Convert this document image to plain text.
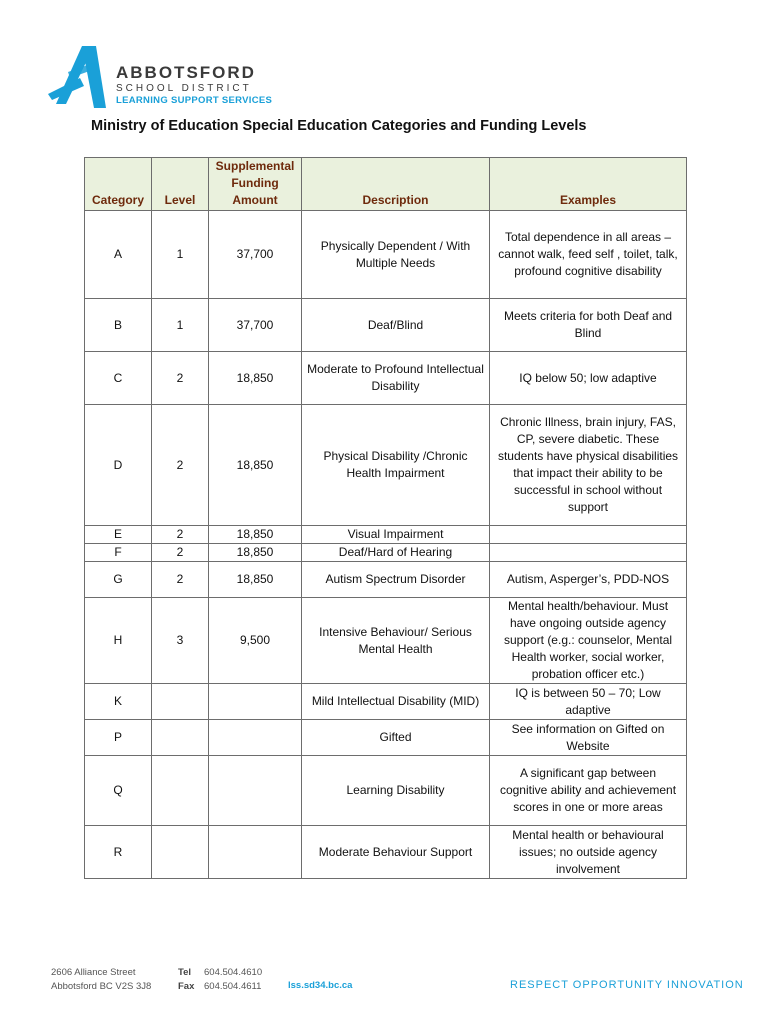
ABBOTSFORD
SCHOOL DISTRICT
LEARNING SUPPORT SERVICES
Ministry of Education Special Education Categories and Funding Levels
Category	Level	Supplemental Funding Amount	Description	Examples
A	1	37,700	Physically Dependent / With Multiple Needs	Total dependence in all areas – cannot walk, feed self , toilet, talk, profound cognitive disability
B	1	37,700	Deaf/Blind	Meets criteria for both Deaf and Blind
C	2	18,850	Moderate to Profound Intellectual Disability	IQ below 50; low adaptive
D	2	18,850	Physical Disability /Chronic Health Impairment	Chronic Illness, brain injury, FAS, CP, severe diabetic. These students have physical disabilities that impact their ability to be successful in school without support
E	2	18,850	Visual Impairment	
F	2	18,850	Deaf/Hard of Hearing	
G	2	18,850	Autism Spectrum Disorder	Autism, Asperger’s, PDD-NOS
H	3	9,500	Intensive Behaviour/ Serious Mental Health	Mental health/behaviour. Must have ongoing outside agency support (e.g.: counselor, Mental Health worker, social worker, probation officer etc.)
K			Mild Intellectual Disability (MID)	IQ is between 50 – 70; Low adaptive
P			Gifted	See information on Gifted on Website
Q			Learning Disability	A significant gap between cognitive ability and achievement scores in one or more areas
R			Moderate Behaviour Support	Mental health or behavioural issues; no outside agency involvement
2606 Alliance Street
Abbotsford BC V2S 3J8
Tel 604.504.4610
Fax 604.504.4611	lss.sd34.bc.ca	RESPECT OPPORTUNITY INNOVATION
